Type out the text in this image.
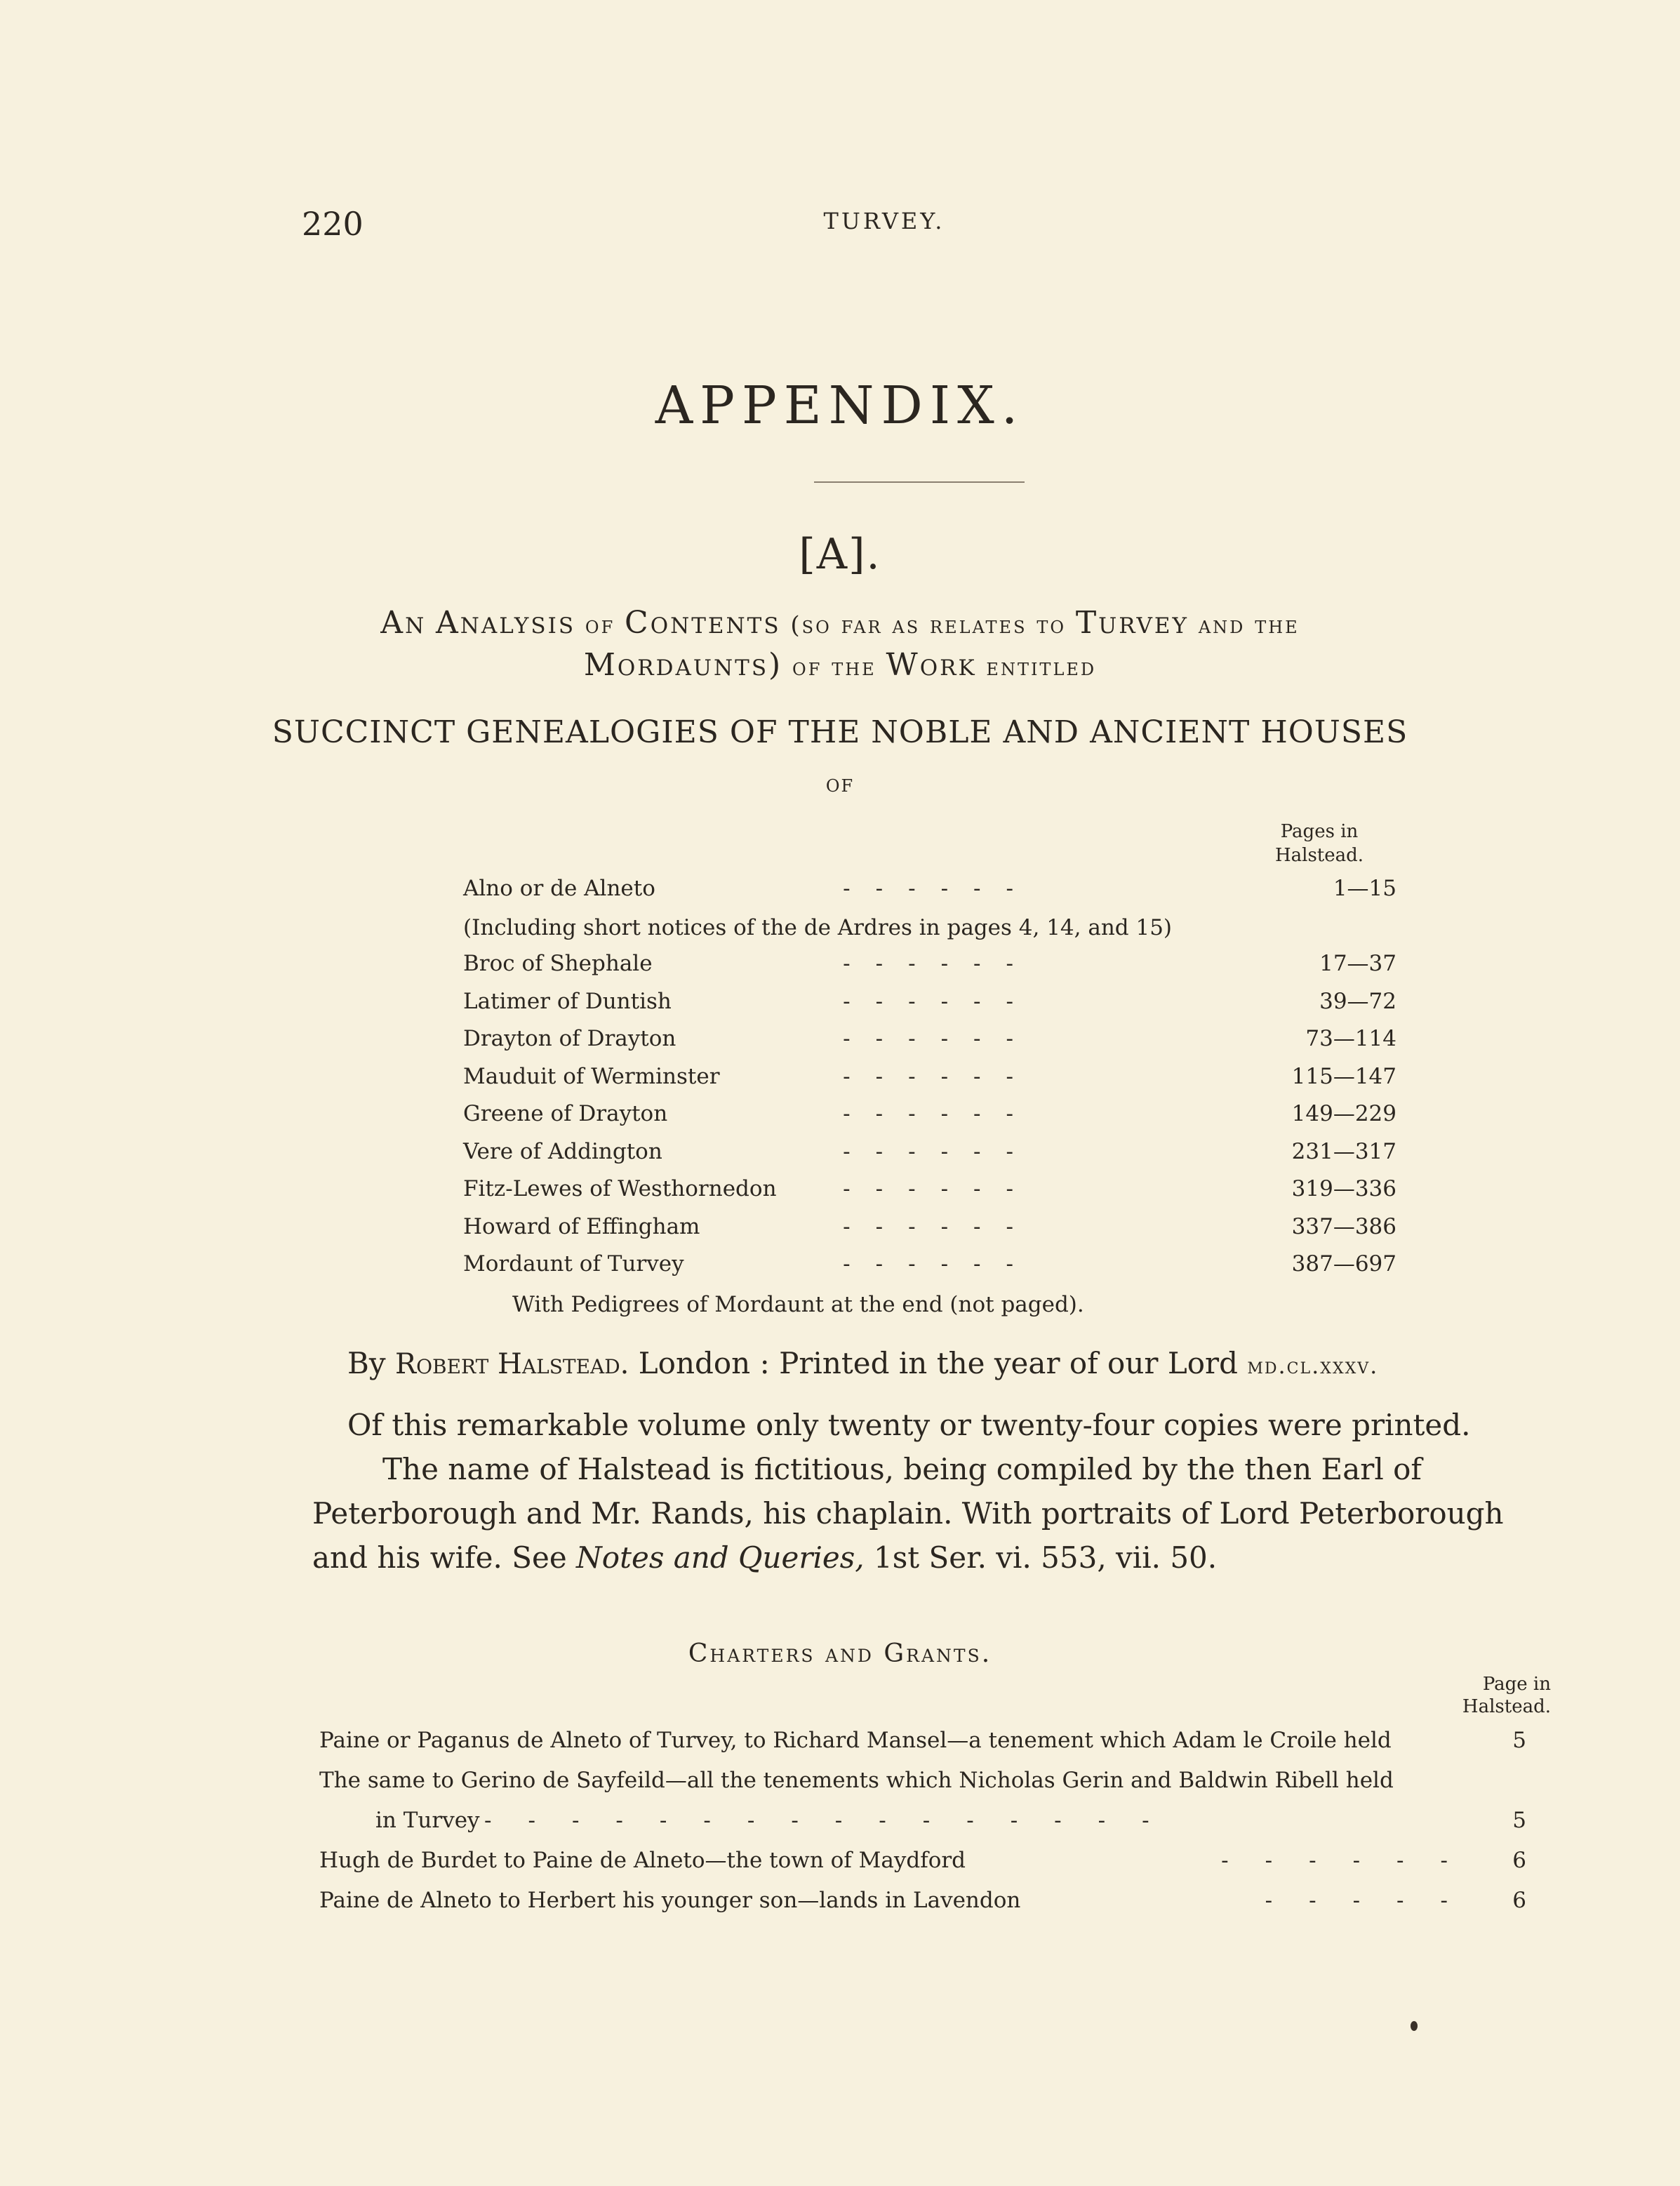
220	TURVEY.
APPENDIX.
[A].
An Analysis of Contents (so far as relates to Turvey and the
Mordaunts) of the Work entitled
SUCCINCT GENEALOGIES OF THE NOBLE AND ANCIENT HOUSES
OF
Pages in
Halstead.
Alno or de Alneto	------	1—15
(Including short notices of the de Ardres in pages 4, 14, and 15)
Broc of Shephale	------	17—37
Latimer of Duntish	------	39—72
Drayton of Drayton	------	73—114
Mauduit of Werminster	------	115—147
Greene of Drayton	------	149—229
Vere of Addington	------	231—317
Fitz-Lewes of Westhornedon	------	319—336
Howard of Effingham	------	337—386
Mordaunt of Turvey	------	387—697
With Pedigrees of Mordaunt at the end (not paged).
By Robert Halstead. London : Printed in the year of our Lord md.cl.xxxv.
Of this remarkable volume only twenty or twenty-four copies were printed.
The name of Halstead is fictitious, being compiled by the then Earl of
Peterborough and Mr. Rands, his chaplain. With portraits of Lord Peterborough
and his wife. See Notes and Queries, 1st Ser. vi. 553, vii. 50.
Charters and Grants.
Page in
Halstead.
Paine or Paganus de Alneto of Turvey, to Richard Mansel—a tenement which Adam le Croile held	5
The same to Gerino de Sayfeild—all the tenements which Nicholas Gerin and Baldwin Ribell held
in Turvey ----------------	5
Hugh de Burdet to Paine de Alneto—the town of Maydford	------ 6
Paine de Alneto to Herbert his younger son—lands in Lavendon	----- 6
